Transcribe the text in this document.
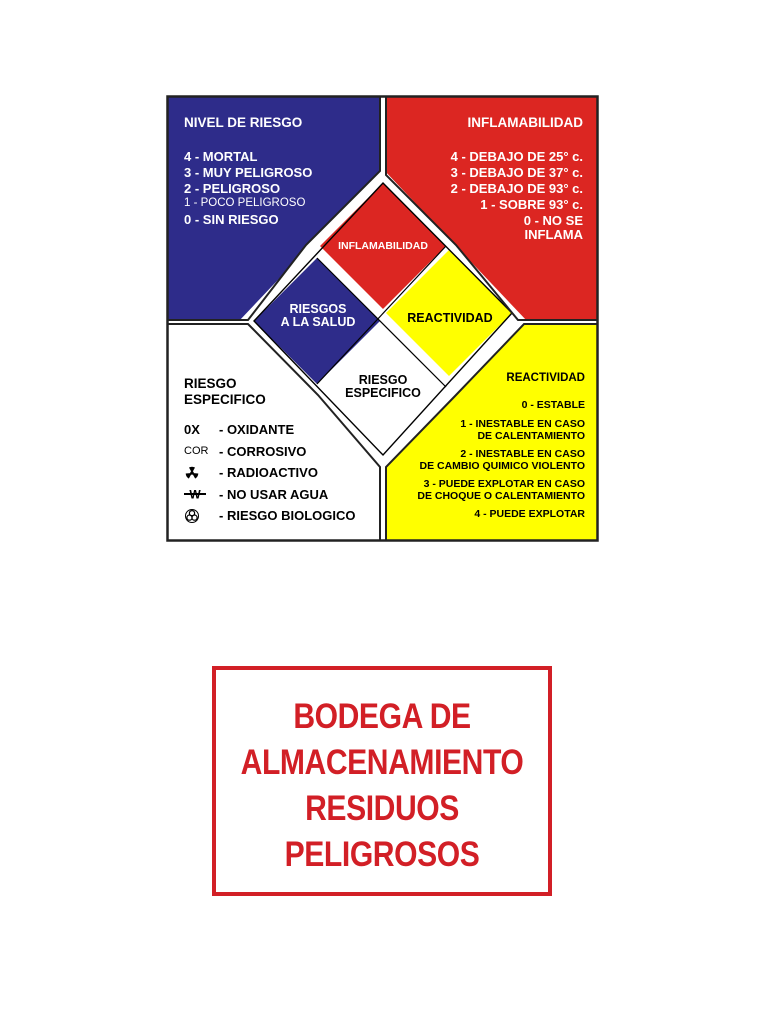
NIVEL DE RIESGO
4 - MORTAL
3 - MUY PELIGROSO
2 - PELIGROSO
1 - POCO PELIGROSO
0 - SIN RIESGO
INFLAMABILIDAD
4 - DEBAJO DE 25° c.
3 - DEBAJO DE 37° c.
2 - DEBAJO DE 93° c.
1 - SOBRE 93° c.
0 - NO SE
INFLAMA
INFLAMABILIDAD
RIESGOS
A LA SALUD	REACTIVIDAD
RIESGO
ESPECIFICO
RIESGO
ESPECIFICO
0X	- OXIDANTE
COR - CORROSIVO
- RADIOACTIVO
W - NO USAR AGUA
- RIESGO BIOLOGICO
REACTIVIDAD
0 - ESTABLE
1 - INESTABLE EN CASO
DE CALENTAMIENTO
2 - INESTABLE EN CASO
DE CAMBIO QUIMICO VIOLENTO
3 - PUEDE EXPLOTAR EN CASO
DE CHOQUE O CALENTAMIENTO
4 - PUEDE EXPLOTAR
BODEGA DE
ALMACENAMIENTO
RESIDUOS
PELIGROSOS
